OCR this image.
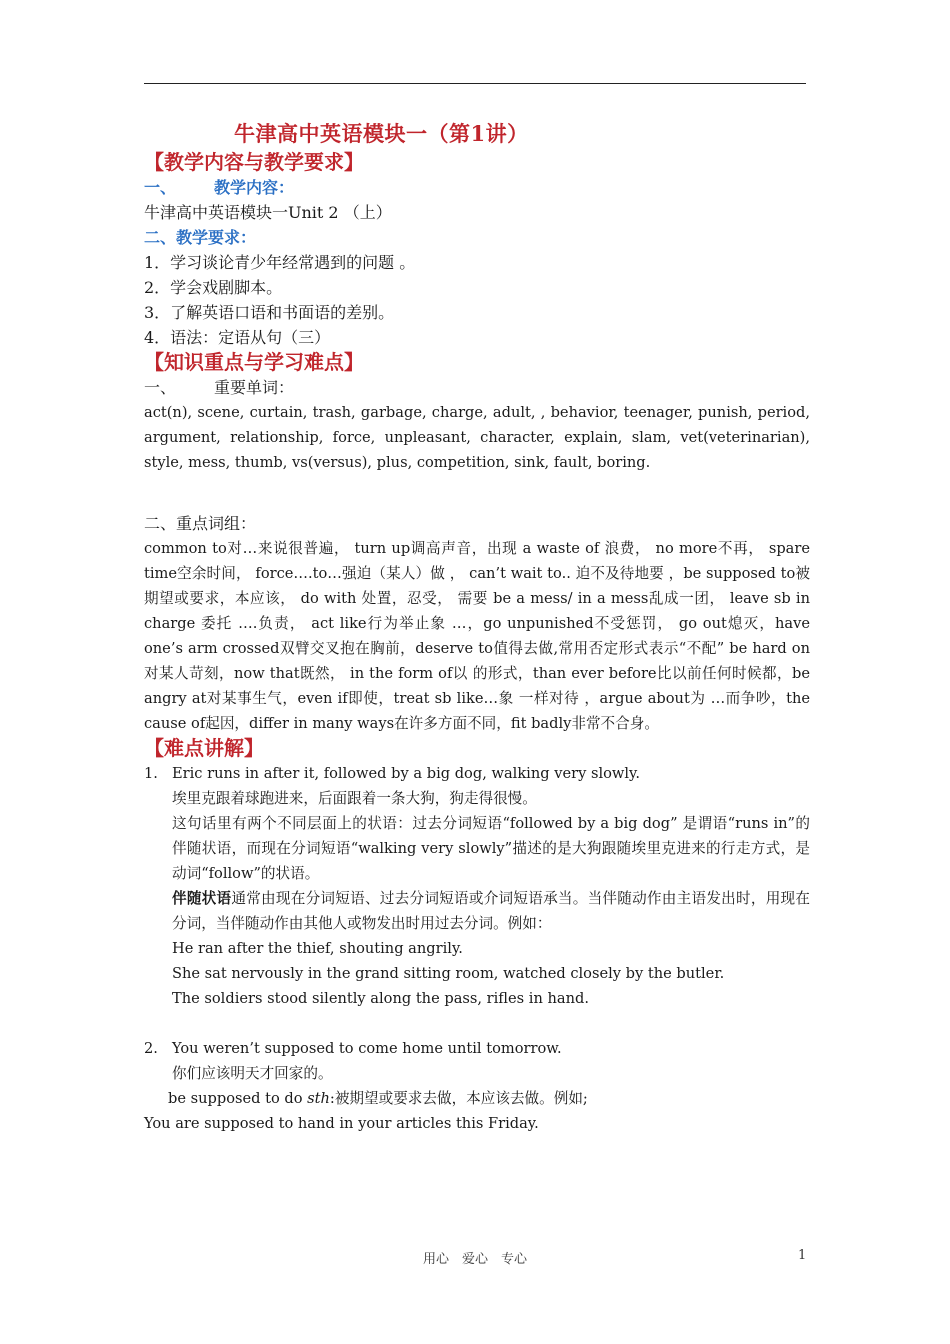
牛津高中英语模块一（第1讲）
【教学内容与教学要求】
一、 教学内容：
牛津高中英语模块一Unit 2 （上）
二、教学要求：
1．学习谈论青少年经常遇到的问题 。
2．学会戏剧脚本。
3．了解英语口语和书面语的差别。
4．语法：定语从句（三）
【知识重点与学习难点】
一、 重要单词：
act(n), scene, curtain, trash, garbage, charge, adult, , behavior, teenager, punish, period, argument, relationship, force, unpleasant, character, explain, slam, vet(veterinarian), style, mess, thumb, vs(versus), plus, competition, sink, fault, boring.
二、重点词组：
common to对…来说很普遍， turn up调高声音，出现 a waste of 浪费， no more不再， spare time空余时间， force….to…强迫（某人）做 ， can’t wait to.. 迫不及待地要 ，be supposed to被期望或要求，本应该， do with 处置，忍受， 需要 be a mess/ in a mess乱成一团， leave sb in charge 委托 ….负责， act like行为举止象 …，go unpunished不受惩罚， go out熄灭，have one’s arm crossed双臂交叉抱在胸前，deserve to值得去做,常用否定形式表示“不配” be hard on对某人苛刻，now that既然， in the form of以 的形式，than ever before比以前任何时候都，be angry at对某事生气，even if即使，treat sb like…象 一样对待 ，argue about为 …而争吵，the cause of起因，differ in many ways在许多方面不同，fit badly非常不合身。
【难点讲解】
1. Eric runs in after it, followed by a big dog, walking very slowly.
埃里克跟着球跑进来，后面跟着一条大狗，狗走得很慢。
这句话里有两个不同层面上的状语：过去分词短语“followed by a big dog” 是谓语“runs in”的伴随状语，而现在分词短语“walking very slowly”描述的是大狗跟随埃里克进来的行走方式，是动词“follow”的状语。
伴随状语通常由现在分词短语、过去分词短语或介词短语承当。当伴随动作由主语发出时，用现在分词，当伴随动作由其他人或物发出时用过去分词。例如：
He ran after the thief, shouting angrily.
She sat nervously in the grand sitting room, watched closely by the butler.
The soldiers stood silently along the pass, rifles in hand.
2. You weren’t supposed to come home until tomorrow.
你们应该明天才回家的。
be supposed to do sth:被期望或要求去做，本应该去做。例如;
You are supposed to hand in your articles this Friday.
用心　爱心　专心	1
